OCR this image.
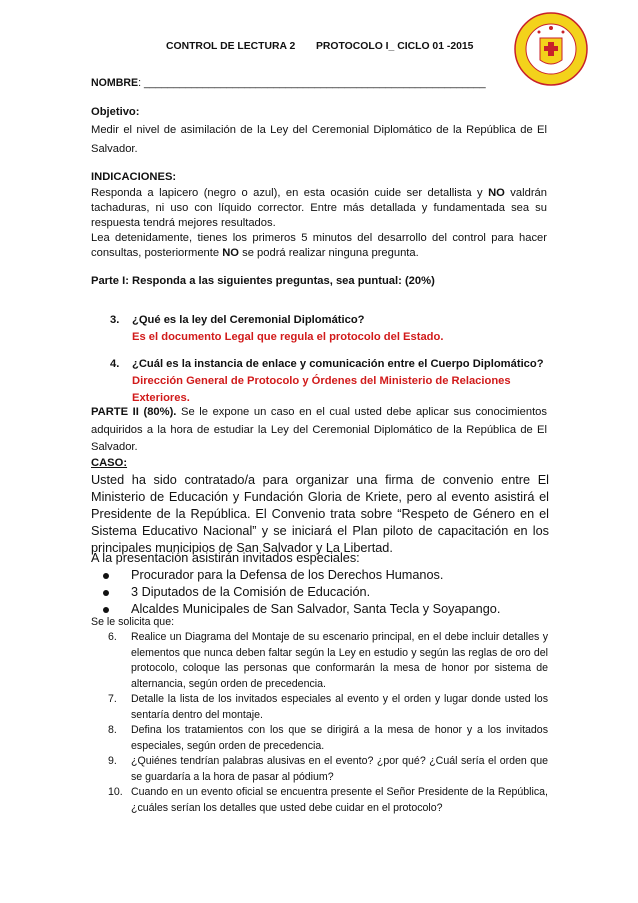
CONTROL DE LECTURA 2 PROTOCOLO I_ CICLO 01 -2015
NOMBRE: __________________________________________________________
Objetivo:
Medir el nivel de asimilación de la Ley del Ceremonial Diplomático de la República de El Salvador.
INDICACIONES:
Responda a lapicero (negro o azul), en esta ocasión cuide ser detallista y NO valdrán tachaduras, ni uso con líquido corrector. Entre más detallada y fundamentada sea su respuesta tendrá mejores resultados.
Lea detenidamente, tienes los primeros 5 minutos del desarrollo del control para hacer consultas, posteriormente NO se podrá realizar ninguna pregunta.
Parte I: Responda a las siguientes preguntas, sea puntual: (20%)
3. ¿Qué es la ley del Ceremonial Diplomático?
Es el documento Legal que regula el protocolo del Estado.
4. ¿Cuál es la instancia de enlace y comunicación entre el Cuerpo Diplomático?
Dirección General de Protocolo y Órdenes del Ministerio de Relaciones Exteriores.
PARTE II (80%). Se le expone un caso en el cual usted debe aplicar sus conocimientos adquiridos a la hora de estudiar la Ley del Ceremonial Diplomático de la República de El Salvador.
CASO:
Usted ha sido contratado/a para organizar una firma de convenio entre El Ministerio de Educación y Fundación Gloria de Kriete, pero al evento asistirá el Presidente de la República. El Convenio trata sobre “Respeto de Género en el Sistema Educativo Nacional” y se iniciará el Plan piloto de capacitación en los principales municipios de San Salvador y La Libertad.
A la presentación asistirán invitados especiales:
Procurador para la Defensa de los Derechos Humanos.
3 Diputados de la Comisión de Educación.
Alcaldes Municipales de San Salvador, Santa Tecla y Soyapango.
Se le solicita que:
6.	Realice un Diagrama del Montaje de su escenario principal, en el debe incluir detalles y elementos que nunca deben faltar según la Ley en estudio y según las reglas de oro del protocolo, coloque las personas que conformarán la mesa de honor por sistema de alternancia, según orden de precedencia.
7.	Detalle la lista de los invitados especiales al evento y el orden y lugar donde usted los sentaría dentro del montaje.
8.	Defina los tratamientos con los que se dirigirá a la mesa de honor y a los invitados especiales, según orden de precedencia.
9.	¿Quiénes tendrían palabras alusivas en el evento? ¿por qué? ¿Cuál sería el orden que se guardaría a la hora de pasar al pódium?
10. Cuando en un evento oficial se encuentra presente el Señor Presidente de la República, ¿cuáles serían los detalles que usted debe cuidar en el protocolo?
